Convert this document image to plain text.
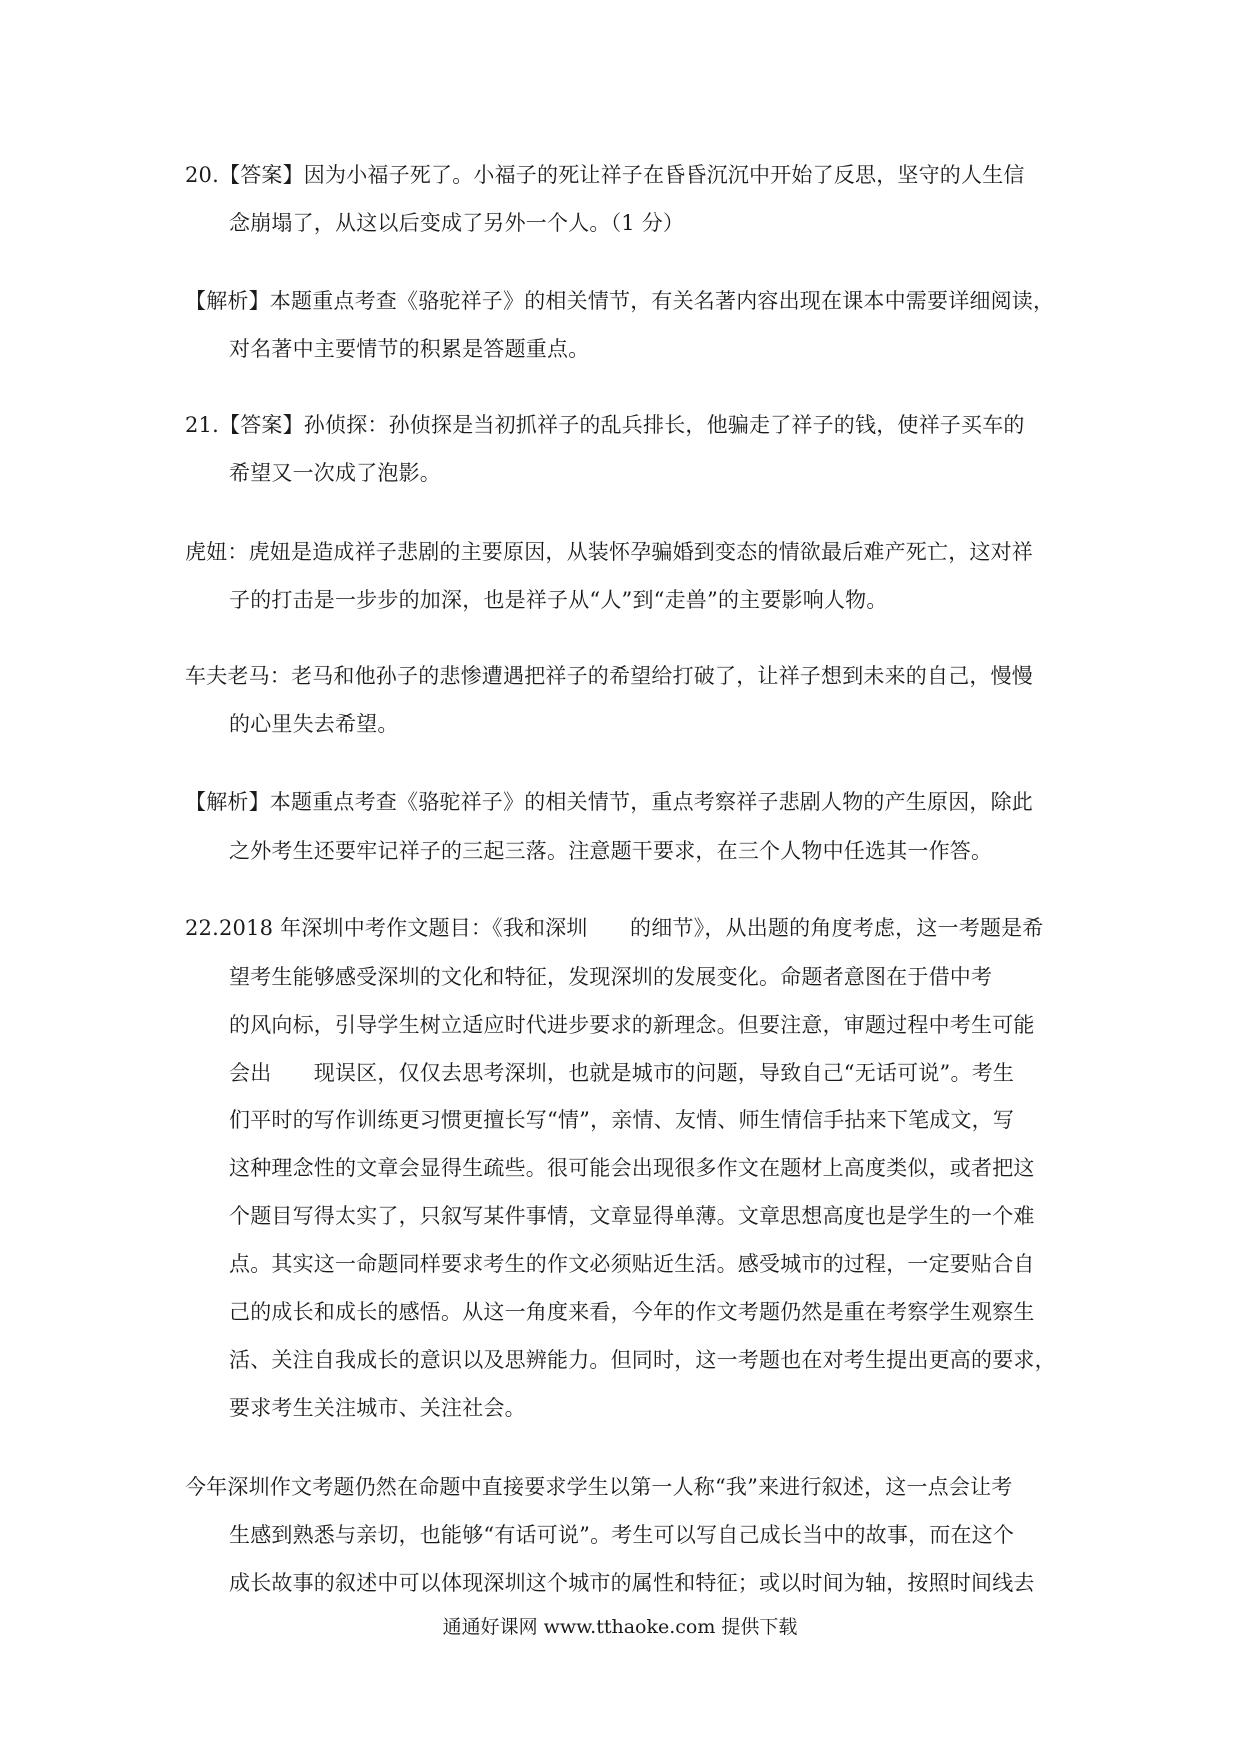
20.【答案】因为小福子死了。小福子的死让祥子在昏昏沉沉中开始了反思，坚守的人生信
念崩塌了，从这以后变成了另外一个人。（1 分）
【解析】本题重点考查《骆驼祥子》的相关情节，有关名著内容出现在课本中需要详细阅读，
对名著中主要情节的积累是答题重点。
21.【答案】孙侦探：孙侦探是当初抓祥子的乱兵排长，他骗走了祥子的钱，使祥子买车的
希望又一次成了泡影。
虎妞：虎妞是造成祥子悲剧的主要原因，从装怀孕骗婚到变态的情欲最后难产死亡，这对祥
子的打击是一步步的加深，也是祥子从“人”到“走兽”的主要影响人物。
车夫老马：老马和他孙子的悲惨遭遇把祥子的希望给打破了，让祥子想到未来的自己，慢慢
的心里失去希望。
【解析】本题重点考查《骆驼祥子》的相关情节，重点考察祥子悲剧人物的产生原因，除此
之外考生还要牢记祥子的三起三落。注意题干要求，在三个人物中任选其一作答。
22.2018 年深圳中考作文题目：《我和深圳　　的细节》，从出题的角度考虑，这一考题是希
望考生能够感受深圳的文化和特征，发现深圳的发展变化。命题者意图在于借中考
的风向标，引导学生树立适应时代进步要求的新理念。但要注意，审题过程中考生可能
会出　　现误区，仅仅去思考深圳，也就是城市的问题，导致自己“无话可说”。考生
们平时的写作训练更习惯更擅长写“情”，亲情、友情、师生情信手拈来下笔成文，写
这种理念性的文章会显得生疏些。很可能会出现很多作文在题材上高度类似，或者把这
个题目写得太实了，只叙写某件事情，文章显得单薄。文章思想高度也是学生的一个难
点。其实这一命题同样要求考生的作文必须贴近生活。感受城市的过程，一定要贴合自
己的成长和成长的感悟。从这一角度来看，今年的作文考题仍然是重在考察学生观察生
活、关注自我成长的意识以及思辨能力。但同时，这一考题也在对考生提出更高的要求，
要求考生关注城市、关注社会。
今年深圳作文考题仍然在命题中直接要求学生以第一人称“我”来进行叙述，这一点会让考
生感到熟悉与亲切，也能够“有话可说”。考生可以写自己成长当中的故事，而在这个
成长故事的叙述中可以体现深圳这个城市的属性和特征；或以时间为轴，按照时间线去
通通好课网 www.tthaoke.com 提供下载
